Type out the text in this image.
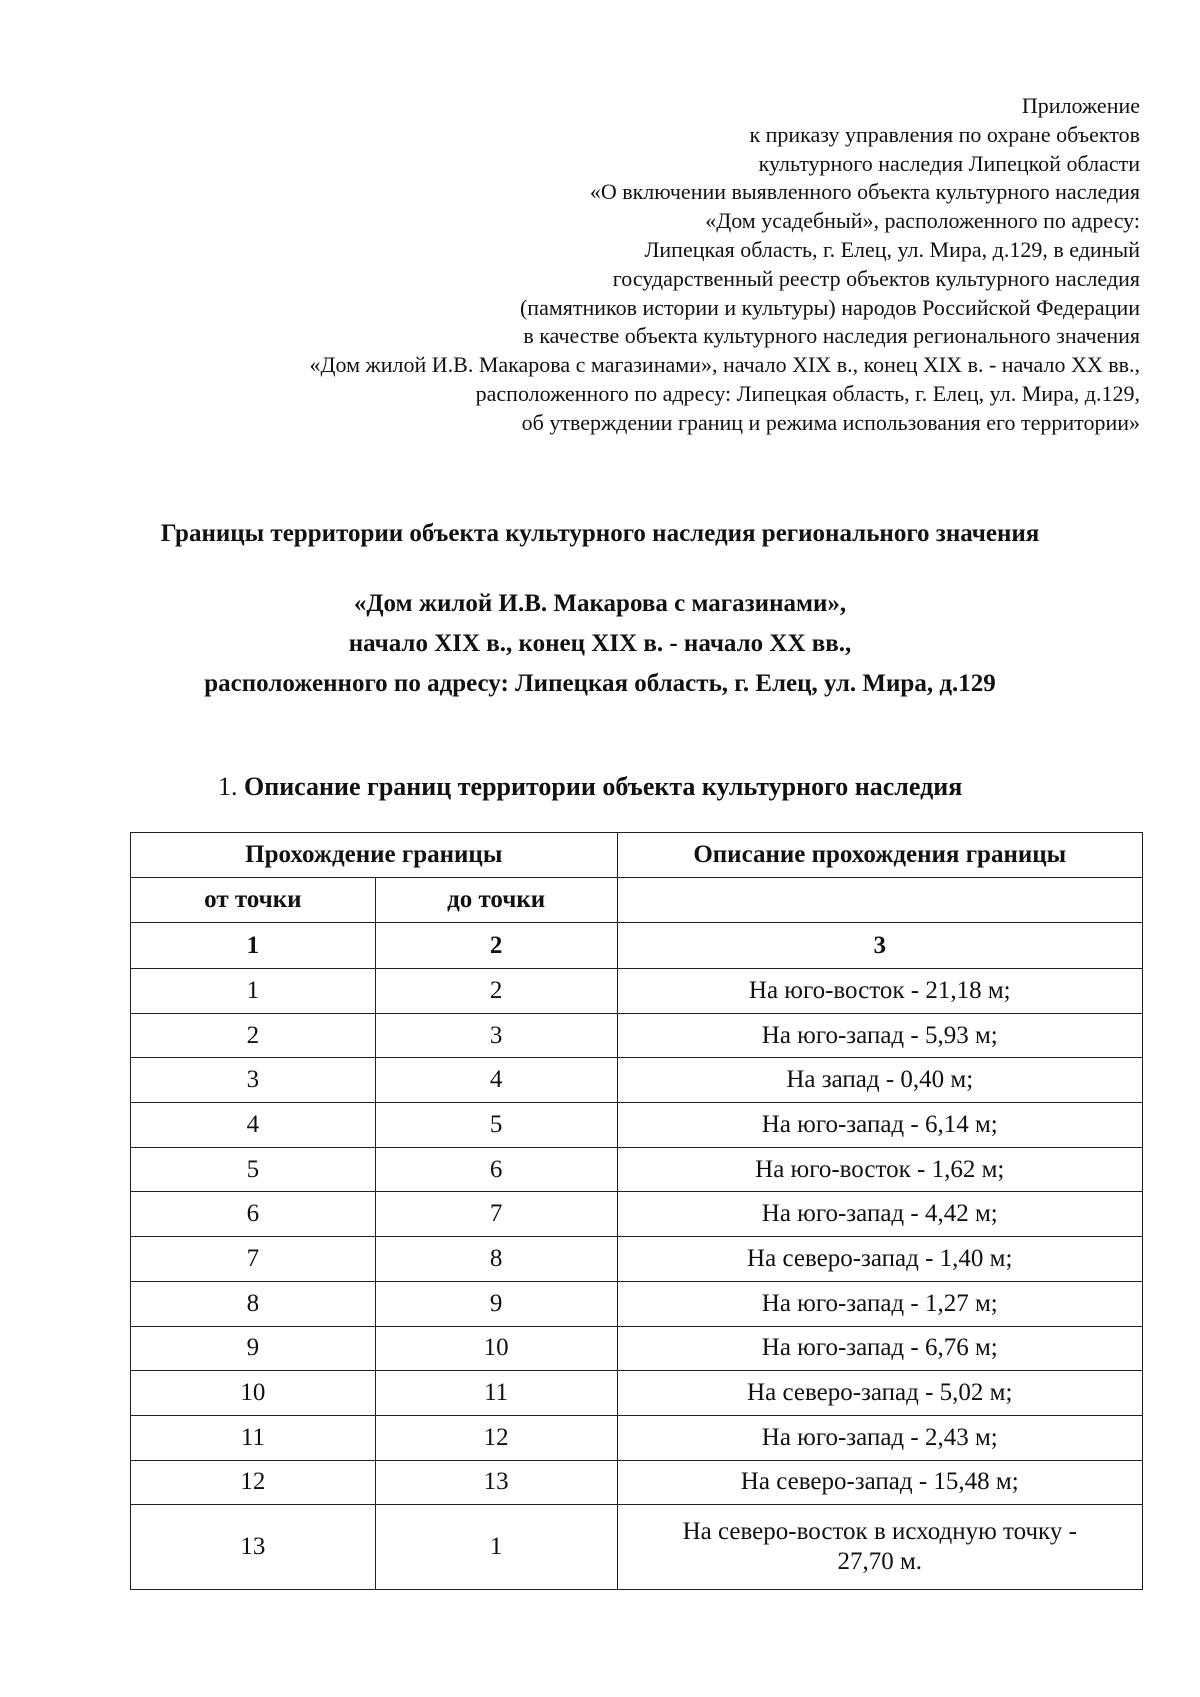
Приложение
к приказу управления по охране объектов
культурного наследия Липецкой области
«О включении выявленного объекта культурного наследия
«Дом усадебный», расположенного по адресу:
Липецкая область, г. Елец, ул. Мира, д.129, в единый
государственный реестр объектов культурного наследия
(памятников истории и культуры) народов Российской Федерации
в качестве объекта культурного наследия регионального значения
«Дом жилой И.В. Макарова с магазинами», начало XIX в., конец XIX в. - начало XX вв.,
расположенного по адресу: Липецкая область, г. Елец, ул. Мира, д.129,
об утверждении границ и режима использования его территории»
Границы территории объекта культурного наследия регионального значения
«Дом жилой И.В. Макарова с магазинами»,
начало XIX в., конец XIX в. - начало XX вв.,
расположенного по адресу: Липецкая область, г. Елец, ул. Мира, д.129
1. Описание границ территории объекта культурного наследия
Прохождение границы		Описание прохождения границы
от точки	до точки	
1	2	3
1	2	На юго-восток - 21,18 м;
2	3	На юго-запад - 5,93 м;
3	4	На запад - 0,40 м;
4	5	На юго-запад - 6,14 м;
5	6	На юго-восток - 1,62 м;
6	7	На юго-запад - 4,42 м;
7	8	На северо-запад - 1,40 м;
8	9	На юго-запад - 1,27 м;
9	10	На юго-запад - 6,76 м;
10	11	На северо-запад - 5,02 м;
11	12	На юго-запад - 2,43 м;
12	13	На северо-запад - 15,48 м;
13	1	На северо-восток в исходную точку -
27,70 м.
